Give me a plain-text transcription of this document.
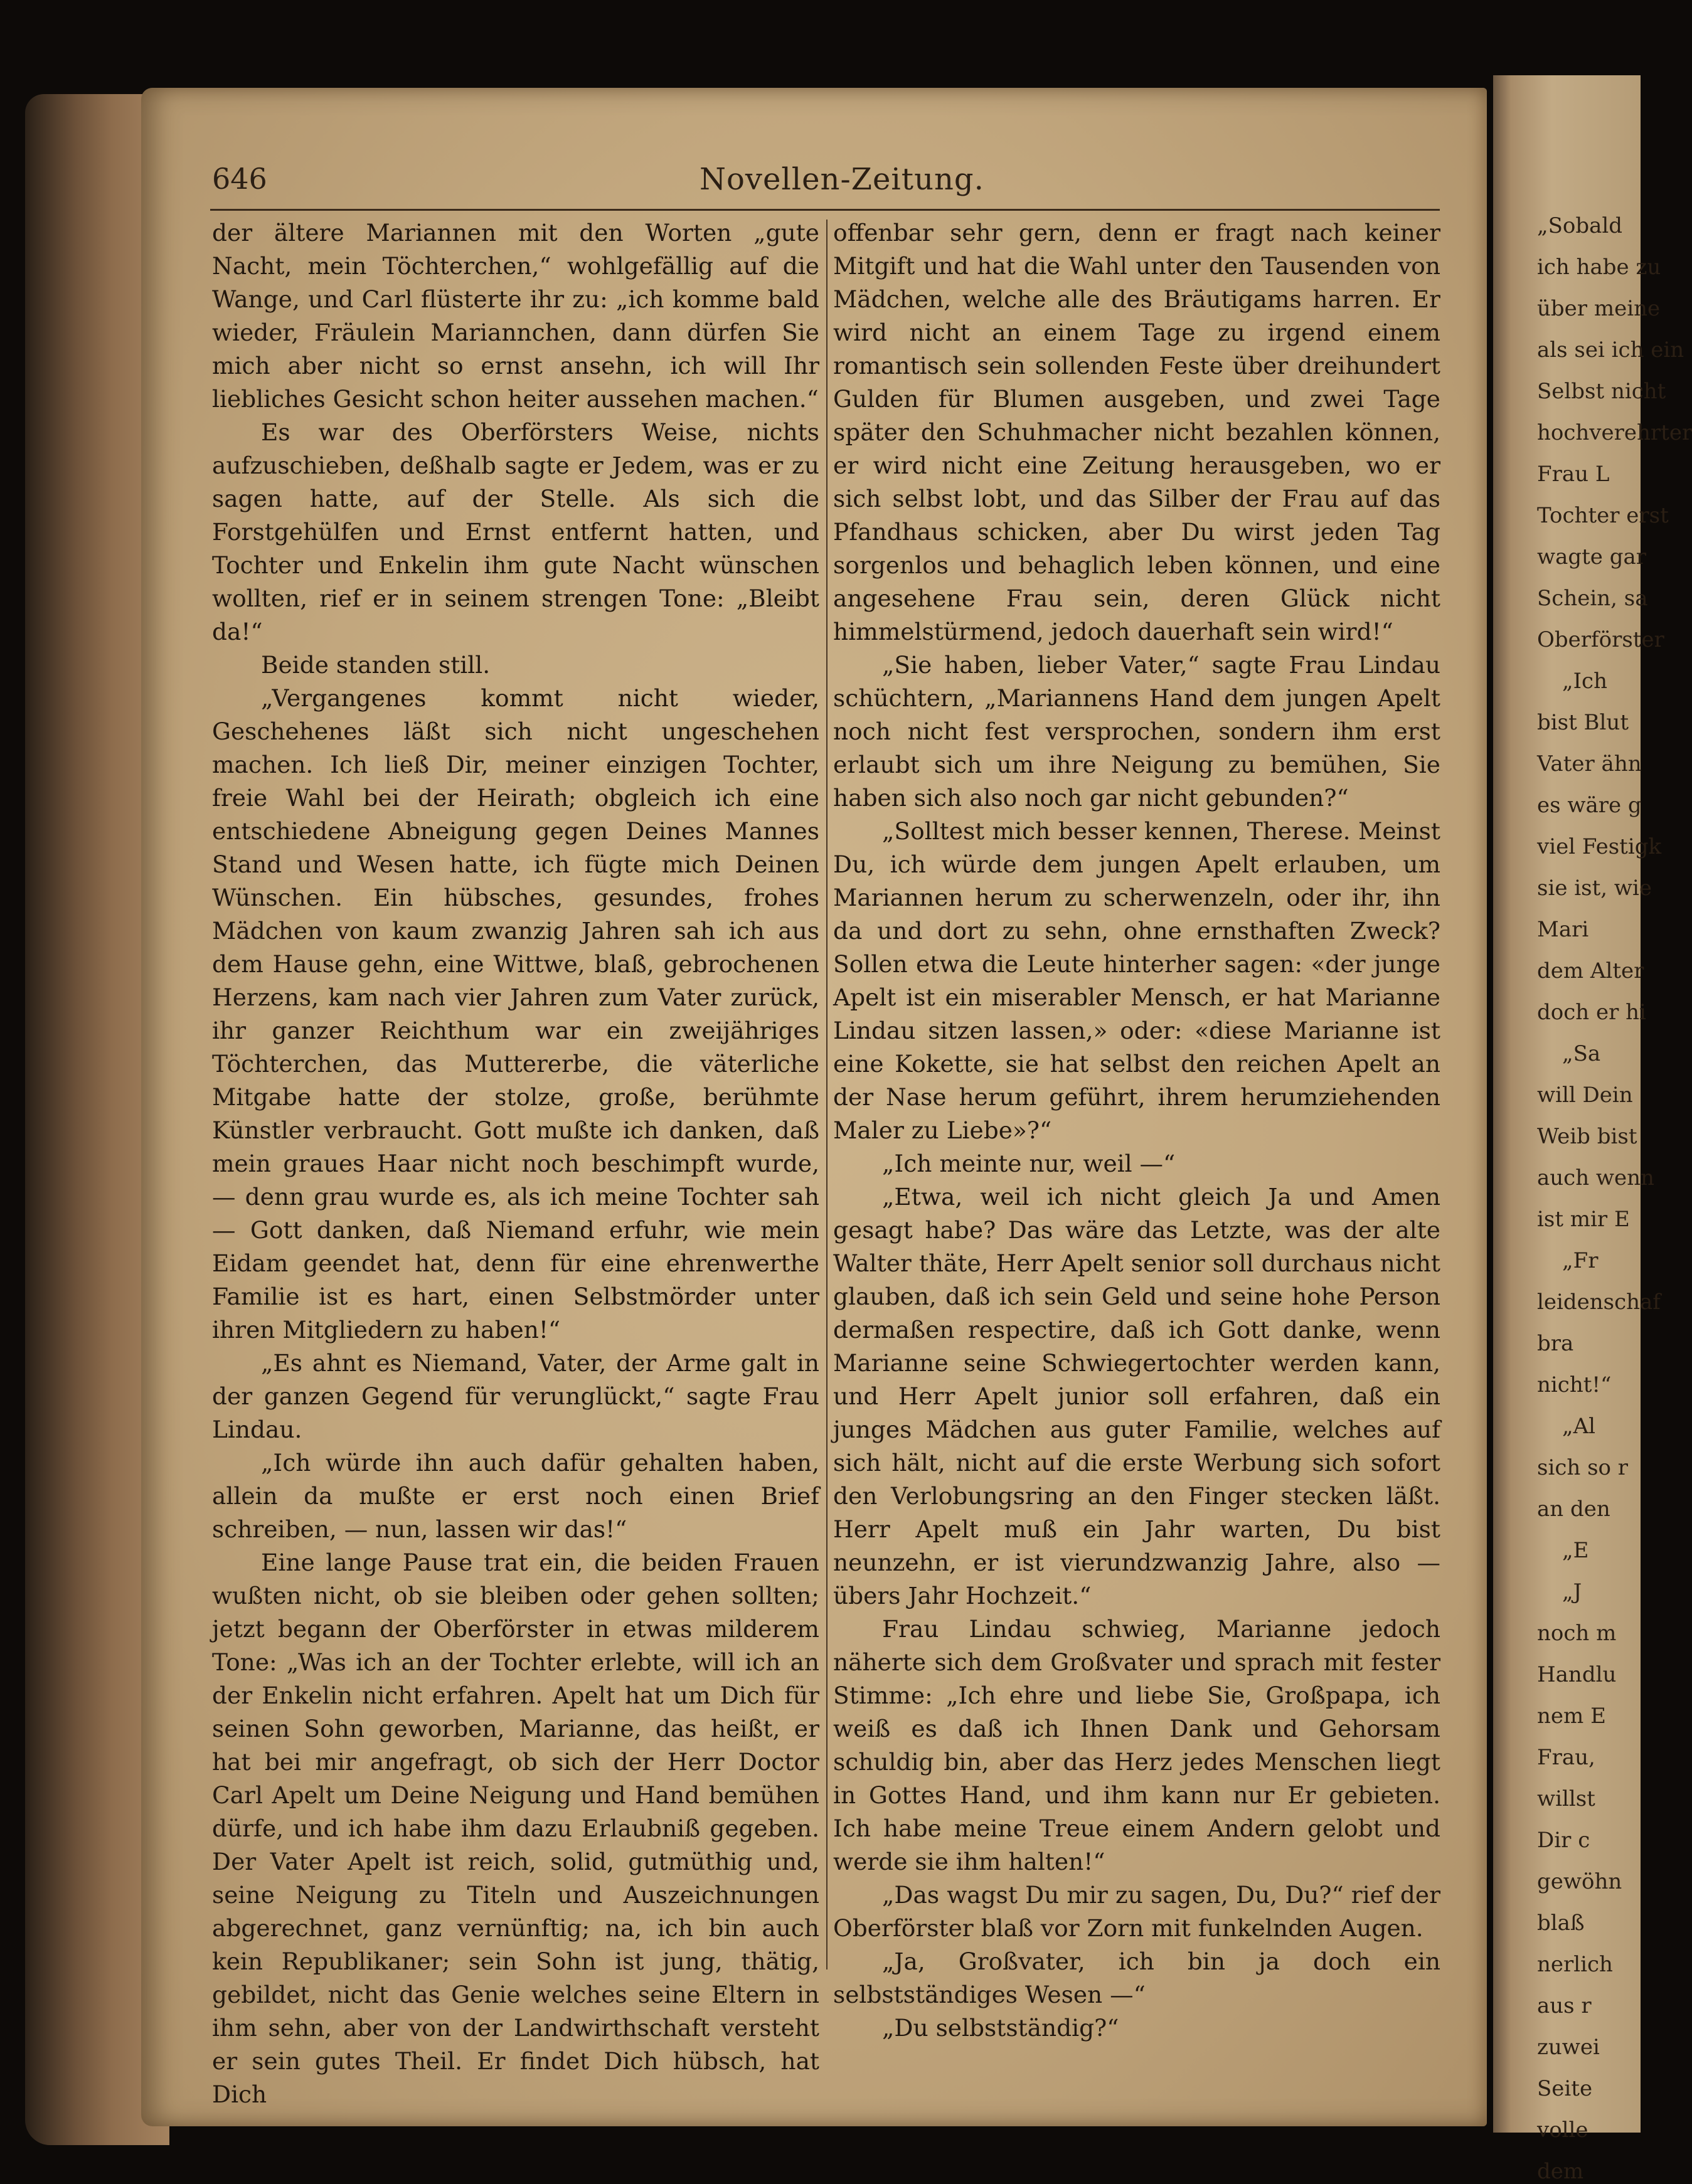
646	Novellen-Zeitung.

der ältere Mariannen mit den Worten „gute Nacht, mein Töchterchen,“ wohlgefällig auf die Wange, und Carl flüsterte ihr zu: „ich komme bald wieder, Fräulein Mariannchen, dann dürfen Sie mich aber nicht so ernst ansehn, ich will Ihr liebliches Gesicht schon heiter aussehen machen.“

Es war des Oberförsters Weise, nichts aufzuschieben, deßhalb sagte er Jedem, was er zu sagen hatte, auf der Stelle. Als sich die Forstgehülfen und Ernst entfernt hatten, und Tochter und Enkelin ihm gute Nacht wünschen wollten, rief er in seinem strengen Tone: „Bleibt da!“

Beide standen still.

„Vergangenes kommt nicht wieder, Geschehenes läßt sich nicht ungeschehen machen. Ich ließ Dir, meiner einzigen Tochter, freie Wahl bei der Heirath; obgleich ich eine entschiedene Abneigung gegen Deines Mannes Stand und Wesen hatte, ich fügte mich Deinen Wünschen. Ein hübsches, gesundes, frohes Mädchen von kaum zwanzig Jahren sah ich aus dem Hause gehn, eine Wittwe, blaß, gebrochenen Herzens, kam nach vier Jahren zum Vater zurück, ihr ganzer Reichthum war ein zweijähriges Töchterchen, das Muttererbe, die väterliche Mitgabe hatte der stolze, große, berühmte Künstler verbraucht. Gott mußte ich danken, daß mein graues Haar nicht noch beschimpft wurde, — denn grau wurde es, als ich meine Tochter sah — Gott danken, daß Niemand erfuhr, wie mein Eidam geendet hat, denn für eine ehrenwerthe Familie ist es hart, einen Selbstmörder unter ihren Mitgliedern zu haben!“

„Es ahnt es Niemand, Vater, der Arme galt in der ganzen Gegend für verunglückt,“ sagte Frau Lindau.

„Ich würde ihn auch dafür gehalten haben, allein da mußte er erst noch einen Brief schreiben, — nun, lassen wir das!“

Eine lange Pause trat ein, die beiden Frauen wußten nicht, ob sie bleiben oder gehen sollten; jetzt begann der Oberförster in etwas milderem Tone: „Was ich an der Tochter erlebte, will ich an der Enkelin nicht erfahren. Apelt hat um Dich für seinen Sohn geworben, Marianne, das heißt, er hat bei mir angefragt, ob sich der Herr Doctor Carl Apelt um Deine Neigung und Hand bemühen dürfe, und ich habe ihm dazu Erlaubniß gegeben. Der Vater Apelt ist reich, solid, gutmüthig und, seine Neigung zu Titeln und Auszeichnungen abgerechnet, ganz vernünftig; na, ich bin auch kein Republikaner; sein Sohn ist jung, thätig, gebildet, nicht das Genie welches seine Eltern in ihm sehn, aber von der Landwirthschaft versteht er sein gutes Theil. Er findet Dich hübsch, hat Dich

offenbar sehr gern, denn er fragt nach keiner Mitgift und hat die Wahl unter den Tausenden von Mädchen, welche alle des Bräutigams harren. Er wird nicht an einem Tage zu irgend einem romantisch sein sollenden Feste über dreihundert Gulden für Blumen ausgeben, und zwei Tage später den Schuhmacher nicht bezahlen können, er wird nicht eine Zeitung herausgeben, wo er sich selbst lobt, und das Silber der Frau auf das Pfandhaus schicken, aber Du wirst jeden Tag sorgenlos und behaglich leben können, und eine angesehene Frau sein, deren Glück nicht himmelstürmend, jedoch dauerhaft sein wird!“

„Sie haben, lieber Vater,“ sagte Frau Lindau schüchtern, „Mariannens Hand dem jungen Apelt noch nicht fest versprochen, sondern ihm erst erlaubt sich um ihre Neigung zu bemühen, Sie haben sich also noch gar nicht gebunden?“

„Solltest mich besser kennen, Therese. Meinst Du, ich würde dem jungen Apelt erlauben, um Mariannen herum zu scherwenzeln, oder ihr, ihn da und dort zu sehn, ohne ernsthaften Zweck? Sollen etwa die Leute hinterher sagen: «der junge Apelt ist ein miserabler Mensch, er hat Marianne Lindau sitzen lassen,» oder: «diese Marianne ist eine Kokette, sie hat selbst den reichen Apelt an der Nase herum geführt, ihrem herumziehenden Maler zu Liebe»?“

„Ich meinte nur, weil —“

„Etwa, weil ich nicht gleich Ja und Amen gesagt habe? Das wäre das Letzte, was der alte Walter thäte, Herr Apelt senior soll durchaus nicht glauben, daß ich sein Geld und seine hohe Person dermaßen respectire, daß ich Gott danke, wenn Marianne seine Schwiegertochter werden kann, und Herr Apelt junior soll erfahren, daß ein junges Mädchen aus guter Familie, welches auf sich hält, nicht auf die erste Werbung sich sofort den Verlobungsring an den Finger stecken läßt. Herr Apelt muß ein Jahr warten, Du bist neunzehn, er ist vierundzwanzig Jahre, also — übers Jahr Hochzeit.“

Frau Lindau schwieg, Marianne jedoch näherte sich dem Großvater und sprach mit fester Stimme: „Ich ehre und liebe Sie, Großpapa, ich weiß es daß ich Ihnen Dank und Gehorsam schuldig bin, aber das Herz jedes Menschen liegt in Gottes Hand, und ihm kann nur Er gebieten. Ich habe meine Treue einem Andern gelobt und werde sie ihm halten!“

„Das wagst Du mir zu sagen, Du, Du?“ rief der Oberförster blaß vor Zorn mit funkelnden Augen.

„Ja, Großvater, ich bin ja doch ein selbstständiges Wesen —“

„Du selbstständig?“

„Sobald
ich habe zu
über meine
als sei ich ein
Selbst nicht
hochverehrter
Frau L
Tochter erst
wagte gar
Schein, sa
Oberförster
„Ich
bist Blut
Vater ähn
es wäre g
viel Festigk
sie ist, wie
Mari
dem Alter
doch er hi
„Sa
will Dein
Weib bist
auch wenn
ist mir E
„Fr
leidenschaf
bra
nicht!“
„Al
sich so r
an den
„E
„J
noch m
Handlu
nem E
Frau,
willst
Dir c
gewöhn
blaß
nerlich
aus r
zuwei
Seite
volle
dem
